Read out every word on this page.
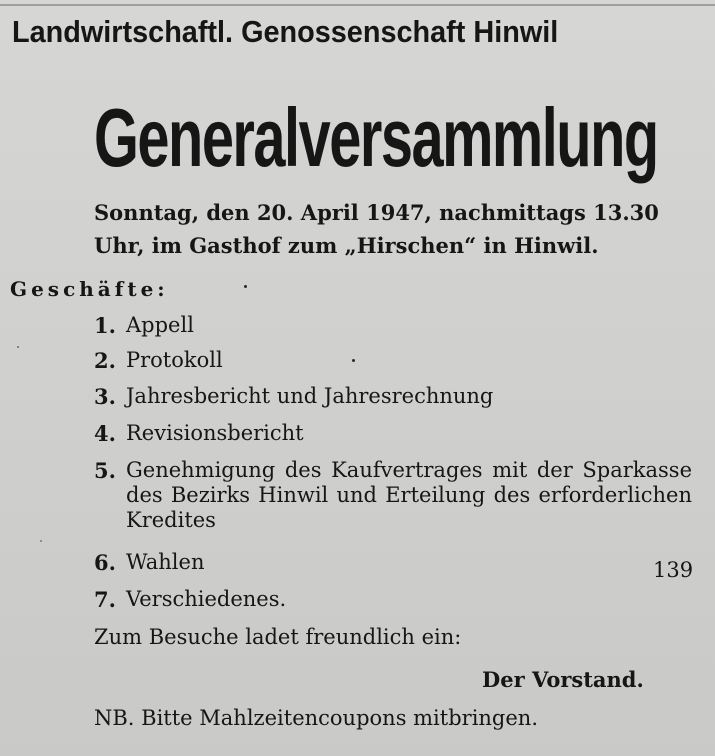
Landwirtschaftl. Genossenschaft Hinwil
Generalversammlung
Sonntag, den 20. April 1947, nachmittags 13.30
Uhr, im Gasthof zum „Hirschen“ in Hinwil.
Geschäfte:
1. Appell
2. Protokoll
3. Jahresbericht und Jahresrechnung
4. Revisionsbericht
5. Genehmigung des Kaufvertrages mit der Sparkasse des Bezirks Hinwil und Erteilung des erforderlichen Kredites
6. Wahlen
7. Verschiedenes.
139
Zum Besuche ladet freundlich ein:
Der Vorstand.
NB. Bitte Mahlzeitencoupons mitbringen.
